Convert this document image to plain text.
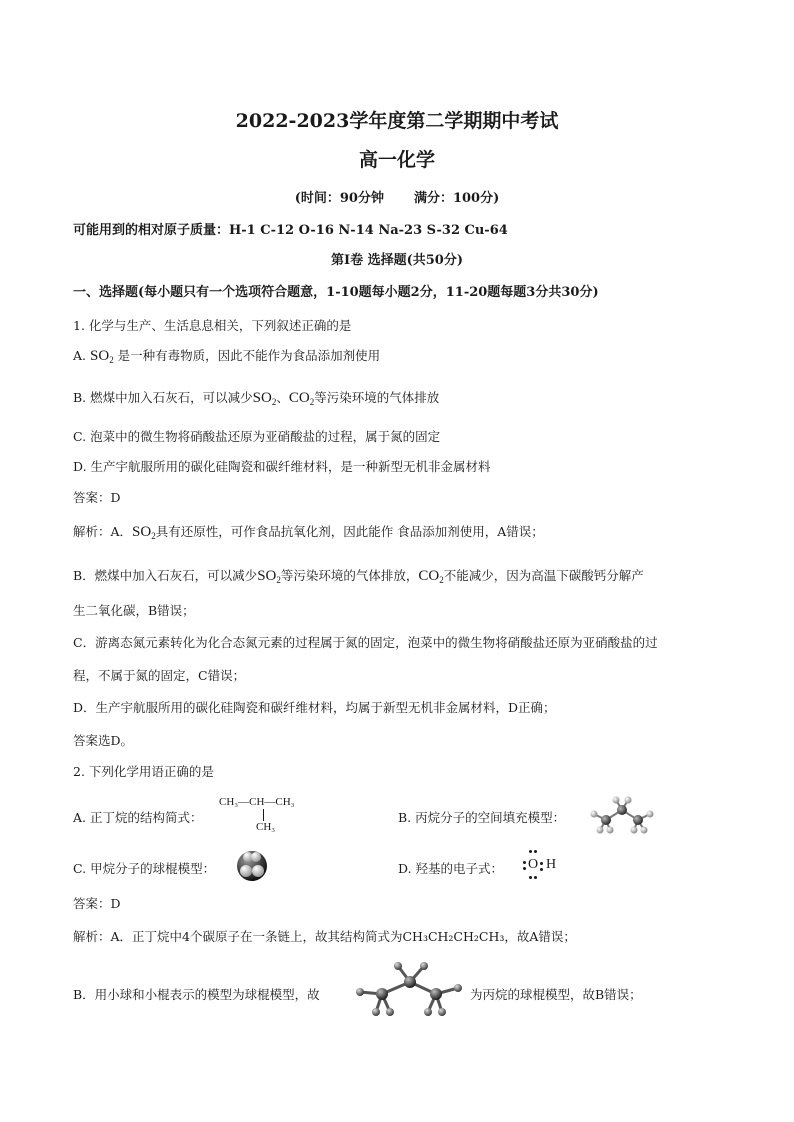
2022-2023学年度第二学期期中考试
高一化学
(时间：90分钟 满分：100分)
可能用到的相对原子质量：H-1 C-12 O-16 N-14 Na-23 S-32 Cu-64
第Ⅰ卷 选择题(共50分)
一、选择题(每小题只有一个选项符合题意，1-10题每小题2分，11-20题每题3分共30分)
1. 化学与生产、生活息息相关，下列叙述正确的是
A. $SO_2$ 是一种有毒物质，因此不能作为食品添加剂使用
B. 燃煤中加入石灰石，可以减少$SO_2$、$CO_2$等污染环境的气体排放
C. 泡菜中的微生物将硝酸盐还原为亚硝酸盐的过程，属于氮的固定
D. 生产宇航服所用的碳化硅陶瓷和碳纤维材料，是一种新型无机非金属材料
答案：D
解析：A．$SO_2$具有还原性，可作食品抗氧化剂，因此能作 食品添加剂使用，A错误；
B．燃煤中加入石灰石，可以减少$SO_2$等污染环境的气体排放，$CO_2$不能减少，因为高温下碳酸钙分解产
生二氧化碳，B错误；
C．游离态氮元素转化为化合态氮元素的过程属于氮的固定，泡菜中的微生物将硝酸盐还原为亚硝酸盐的过
程，不属于氮的固定，C错误；
D．生产宇航服所用的碳化硅陶瓷和碳纤维材料，均属于新型无机非金属材料，D正确；
答案选D。
2. 下列化学用语正确的是
A. 正丁烷的结构简式：
CH₃—CH—CH₃
CH₃
B. 丙烷分子的空间填充模型：
C. 甲烷分子的球棍模型：	D. 羟基的电子式： O H
答案：D
解析：A．正丁烷中4个碳原子在一条链上，故其结构简式为CH₃CH₂CH₂CH₃，故A错误；
B．用小球和小棍表示的模型为球棍模型，故	为丙烷的球棍模型，故B错误；
